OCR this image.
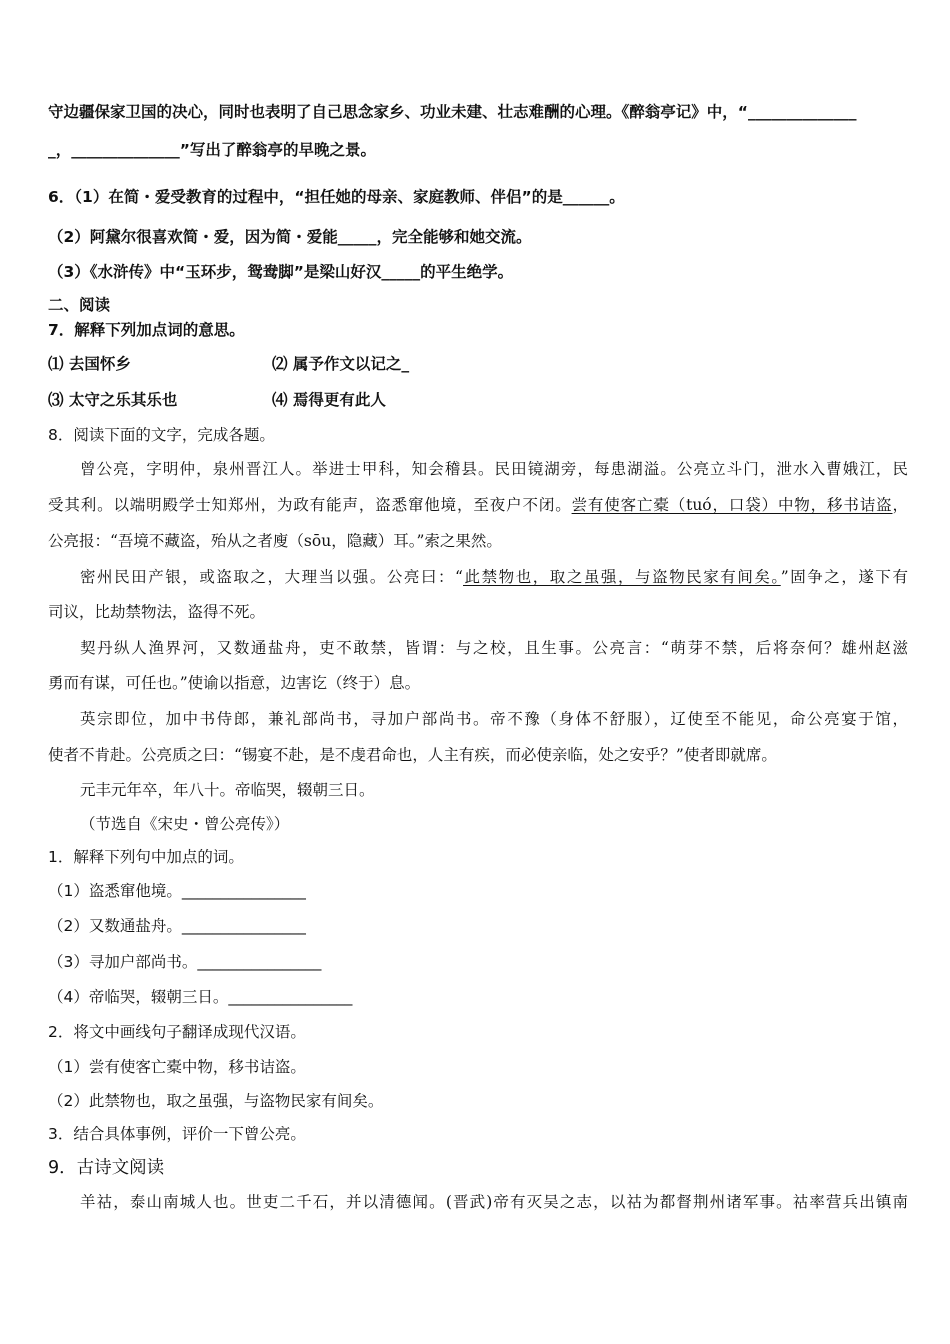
守边疆保家卫国的决心，同时也表明了自己思念家乡、功业未建、壮志难酬的心理。《醉翁亭记》中，“______________
_，______________”写出了醉翁亭的早晚之景。
6．（1）在简・爱受教育的过程中，“担任她的母亲、家庭教师、伴侣”的是______。
（2）阿黛尔很喜欢简・爱，因为简・爱能_____，完全能够和她交流。
（3）《水浒传》中“玉环步，鸳鸯脚”是梁山好汉_____的平生绝学。
二、阅读
7．解释下列加点词的意思。
⑴ 去国怀乡	⑵ 属予作文以记之_
⑶ 太守之乐其乐也	⑷ 焉得更有此人
8．阅读下面的文字，完成各题。
曾公亮，字明仲，泉州晋江人。举进士甲科，知会稽县。民田镜湖旁，每患湖溢。公亮立斗门，泄水入曹娥江，民
受其利。以端明殿学士知郑州，为政有能声，盗悉窜他境，至夜户不闭。尝有使客亡橐（tuó，口袋）中物，移书诘盗，
公亮报：“吾境不藏盗，殆从之者廋（sōu，隐藏）耳。”索之果然。
密州民田产银，或盗取之，大理当以强。公亮曰：“此禁物也，取之虽强，与盗物民家有间矣。”固争之，遂下有
司议，比劫禁物法，盗得不死。
契丹纵人渔界河，又数通盐舟，吏不敢禁，皆谓：与之校，且生事。公亮言：“萌芽不禁，后将奈何？雄州赵滋
勇而有谋，可任也。”使谕以指意，边害讫（终于）息。
英宗即位，加中书侍郎，兼礼部尚书，寻加户部尚书。帝不豫（身体不舒服），辽使至不能见，命公亮宴于馆，
使者不肯赴。公亮质之曰：“锡宴不赴，是不虔君命也，人主有疾，而必使亲临，处之安乎？”使者即就席。
元丰元年卒，年八十。帝临哭，辍朝三日。
（节选自《宋史・曾公亮传》）
1．解释下列句中加点的词。
（1）盗悉窜他境。________________
（2）又数通盐舟。________________
（3）寻加户部尚书。________________
（4）帝临哭，辍朝三日。________________
2．将文中画线句子翻译成现代汉语。
（1）尝有使客亡橐中物，移书诘盗。
（2）此禁物也，取之虽强，与盗物民家有间矣。
3．结合具体事例，评价一下曾公亮。
9．古诗文阅读
羊祜，泰山南城人也。世吏二千石，并以清德闻。(晋武)帝有灭吴之志，以祜为都督荆州诸军事。祜率营兵出镇南
